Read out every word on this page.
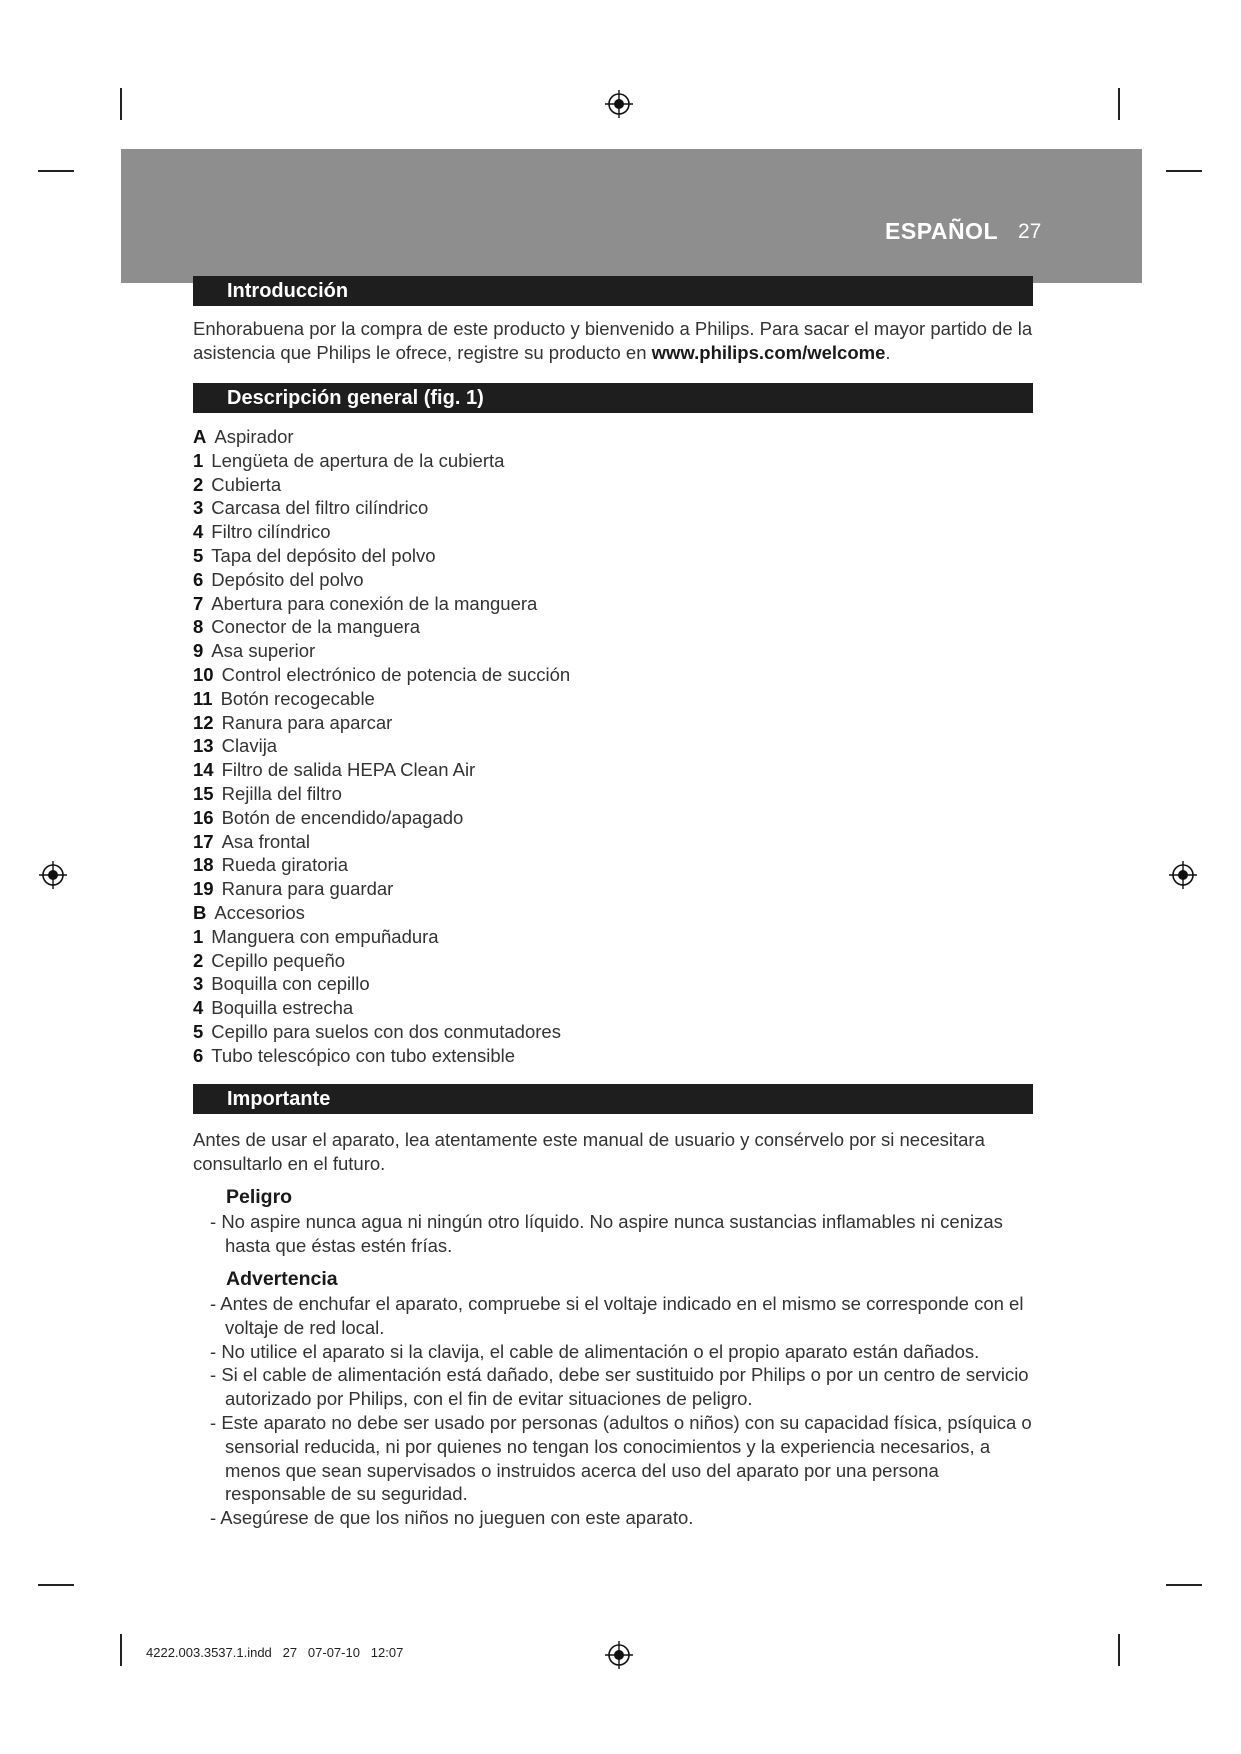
ESPAÑOL 27
Introducción
Enhorabuena por la compra de este producto y bienvenido a Philips. Para sacar el mayor partido de la asistencia que Philips le ofrece, registre su producto en www.philips.com/welcome.
Descripción general (fig. 1)
A Aspirador
1 Lengüeta de apertura de la cubierta
2 Cubierta
3 Carcasa del filtro cilíndrico
4 Filtro cilíndrico
5 Tapa del depósito del polvo
6 Depósito del polvo
7 Abertura para conexión de la manguera
8 Conector de la manguera
9 Asa superior
10 Control electrónico de potencia de succión
11 Botón recogecable
12 Ranura para aparcar
13 Clavija
14 Filtro de salida HEPA Clean Air
15 Rejilla del filtro
16 Botón de encendido/apagado
17 Asa frontal
18 Rueda giratoria
19 Ranura para guardar
B Accesorios
1 Manguera con empuñadura
2 Cepillo pequeño
3 Boquilla con cepillo
4 Boquilla estrecha
5 Cepillo para suelos con dos conmutadores
6 Tubo telescópico con tubo extensible
Importante
Antes de usar el aparato, lea atentamente este manual de usuario y consérvelo por si necesitara consultarlo en el futuro.
Peligro
- No aspire nunca agua ni ningún otro líquido. No aspire nunca sustancias inflamables ni cenizas hasta que éstas estén frías.
Advertencia
- Antes de enchufar el aparato, compruebe si el voltaje indicado en el mismo se corresponde con el voltaje de red local.
- No utilice el aparato si la clavija, el cable de alimentación o el propio aparato están dañados.
- Si el cable de alimentación está dañado, debe ser sustituido por Philips o por un centro de servicio autorizado por Philips, con el fin de evitar situaciones de peligro.
- Este aparato no debe ser usado por personas (adultos o niños) con su capacidad física, psíquica o sensorial reducida, ni por quienes no tengan los conocimientos y la experiencia necesarios, a menos que sean supervisados o instruidos acerca del uso del aparato por una persona responsable de su seguridad.
- Asegúrese de que los niños no jueguen con este aparato.
4222.003.3537.1.indd   27   07-07-10   12:07
